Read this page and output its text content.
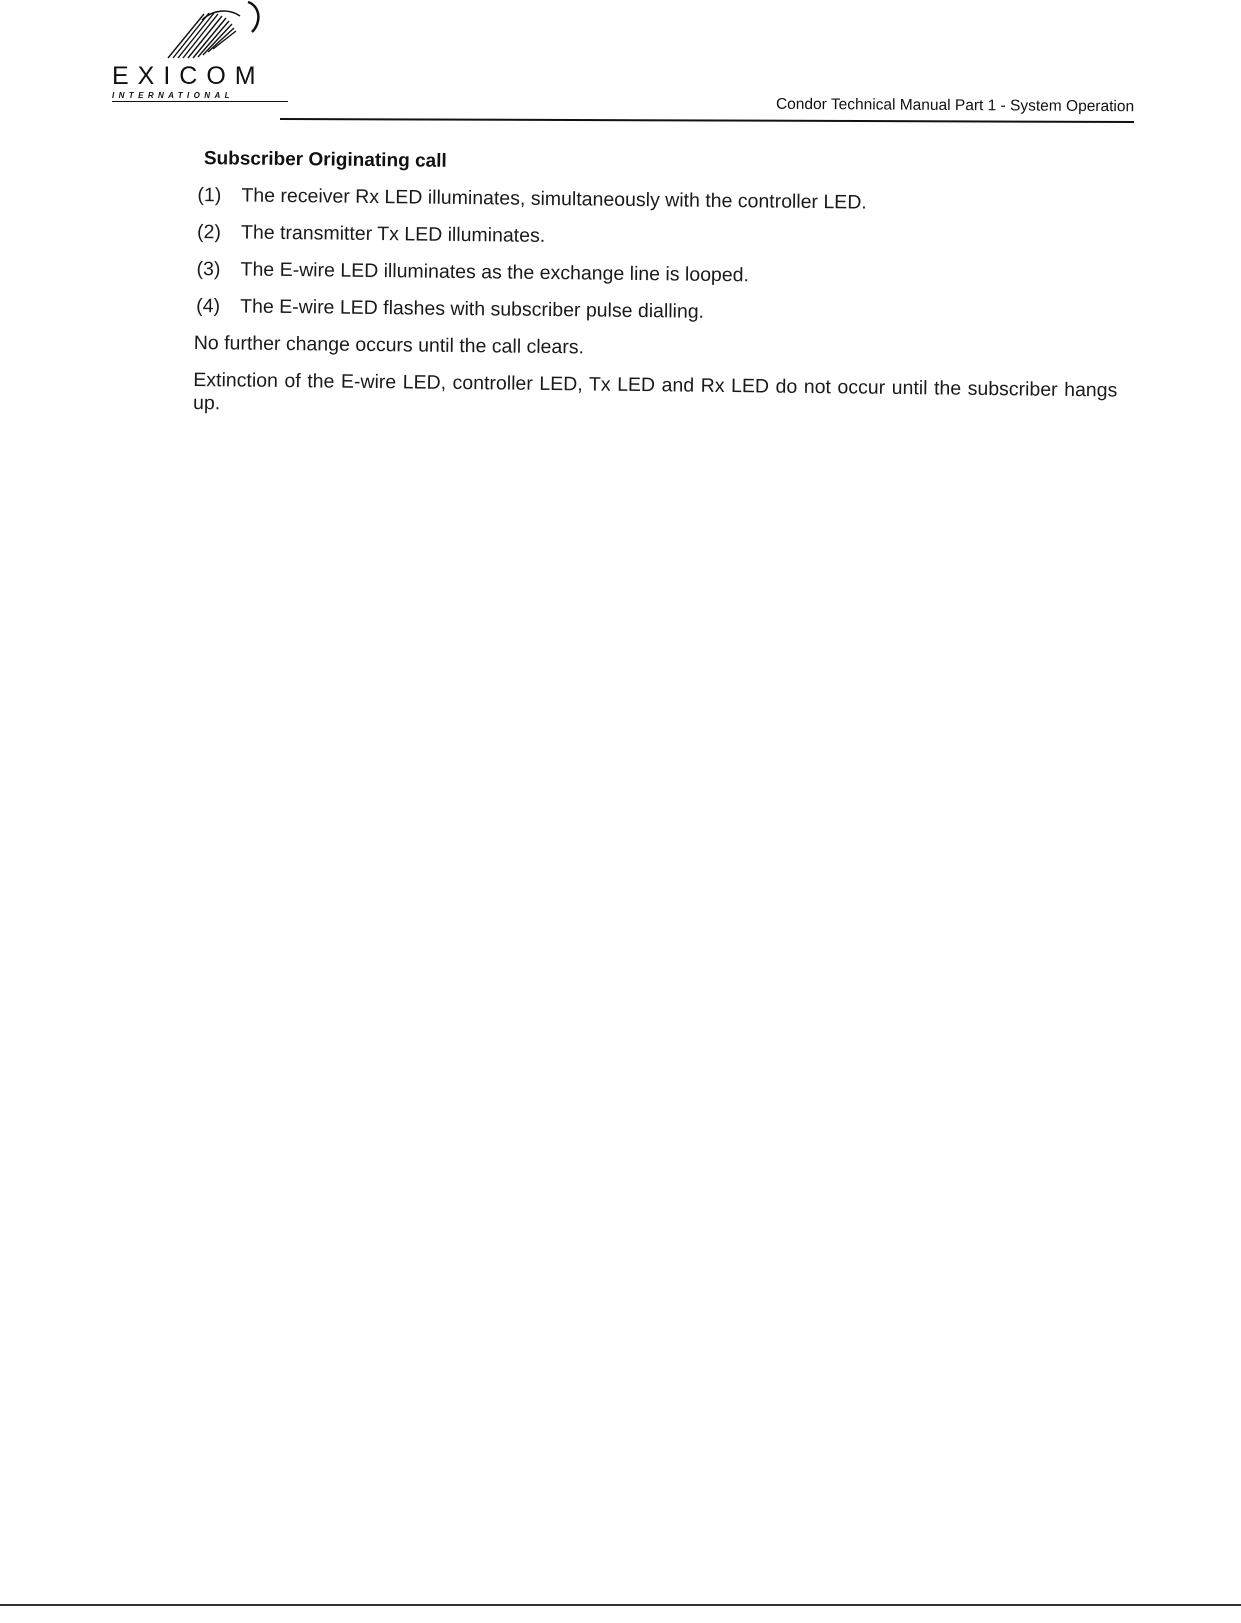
EXICOM
INTERNATIONAL
Condor Technical Manual Part 1 - System Operation
Subscriber Originating call
(1)	The receiver Rx LED illuminates, simultaneously with the controller LED.
(2)	The transmitter Tx LED illuminates.
(3)	The E-wire LED illuminates as the exchange line is looped.
(4)	The E-wire LED flashes with subscriber pulse dialling.

No further change occurs until the call clears.

Extinction of the E-wire LED, controller LED, Tx LED and Rx LED do not occur until the subscriber hangs up.
